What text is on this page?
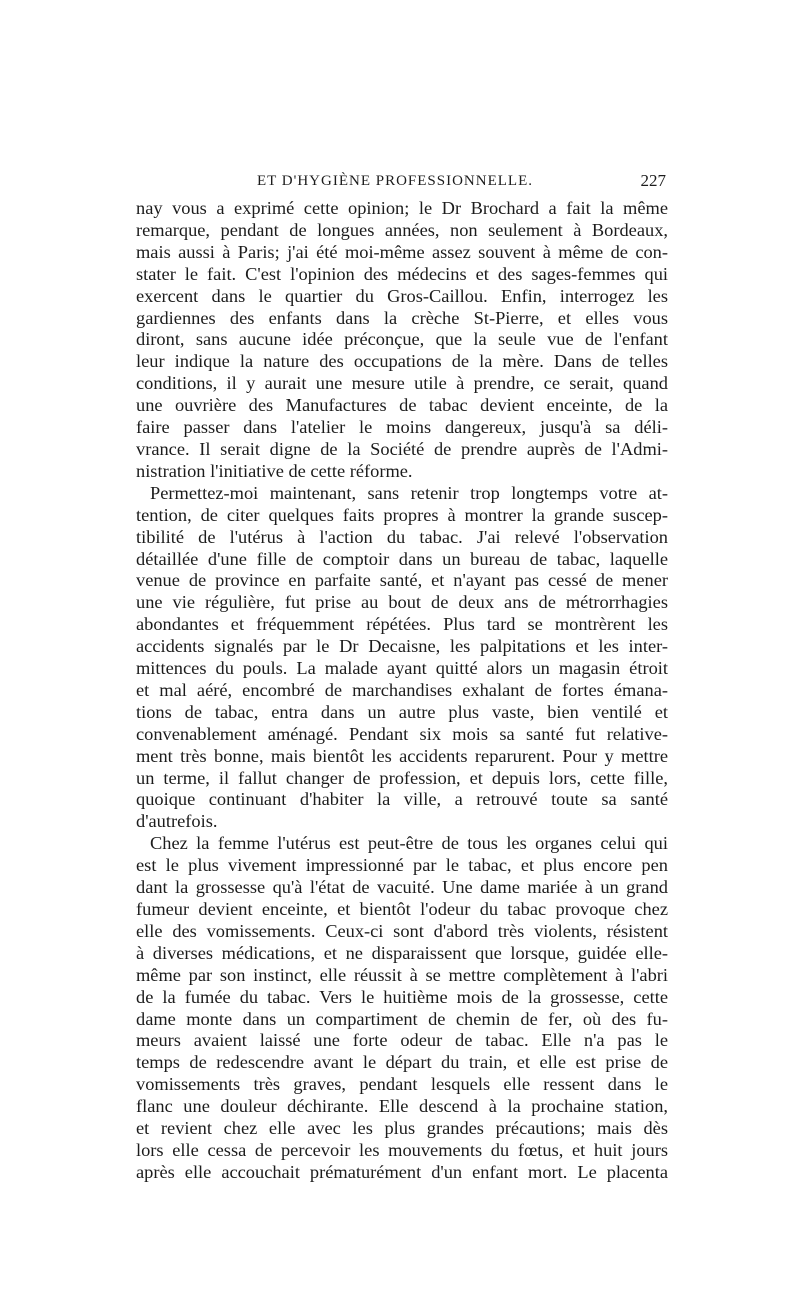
ET D'HYGIÈNE PROFESSIONNELLE.	227

nay vous a exprimé cette opinion; le Dr Brochard a fait la même
remarque, pendant de longues années, non seulement à Bordeaux,
mais aussi à Paris; j'ai été moi-même assez souvent à même de con-
stater le fait. C'est l'opinion des médecins et des sages-femmes qui
exercent dans le quartier du Gros-Caillou. Enfin, interrogez les
gardiennes des enfants dans la crèche St-Pierre, et elles vous
diront, sans aucune idée préconçue, que la seule vue de l'enfant
leur indique la nature des occupations de la mère. Dans de telles
conditions, il y aurait une mesure utile à prendre, ce serait, quand
une ouvrière des Manufactures de tabac devient enceinte, de la
faire passer dans l'atelier le moins dangereux, jusqu'à sa déli-
vrance. Il serait digne de la Société de prendre auprès de l'Admi-
nistration l'initiative de cette réforme.

Permettez-moi maintenant, sans retenir trop longtemps votre at-
tention, de citer quelques faits propres à montrer la grande suscep-
tibilité de l'utérus à l'action du tabac. J'ai relevé l'observation
détaillée d'une fille de comptoir dans un bureau de tabac, laquelle
venue de province en parfaite santé, et n'ayant pas cessé de mener
une vie régulière, fut prise au bout de deux ans de métrorrhagies
abondantes et fréquemment répétées. Plus tard se montrèrent les
accidents signalés par le Dr Decaisne, les palpitations et les inter-
mittences du pouls. La malade ayant quitté alors un magasin étroit
et mal aéré, encombré de marchandises exhalant de fortes émana-
tions de tabac, entra dans un autre plus vaste, bien ventilé et
convenablement aménagé. Pendant six mois sa santé fut relative-
ment très bonne, mais bientôt les accidents reparurent. Pour y mettre
un terme, il fallut changer de profession, et depuis lors, cette fille,
quoique continuant d'habiter la ville, a retrouvé toute sa santé
d'autrefois.

Chez la femme l'utérus est peut-être de tous les organes celui qui
est le plus vivement impressionné par le tabac, et plus encore pen
dant la grossesse qu'à l'état de vacuité. Une dame mariée à un grand
fumeur devient enceinte, et bientôt l'odeur du tabac provoque chez
elle des vomissements. Ceux-ci sont d'abord très violents, résistent
à diverses médications, et ne disparaissent que lorsque, guidée elle-
même par son instinct, elle réussit à se mettre complètement à l'abri
de la fumée du tabac. Vers le huitième mois de la grossesse, cette
dame monte dans un compartiment de chemin de fer, où des fu-
meurs avaient laissé une forte odeur de tabac. Elle n'a pas le
temps de redescendre avant le départ du train, et elle est prise de
vomissements très graves, pendant lesquels elle ressent dans le
flanc une douleur déchirante. Elle descend à la prochaine station,
et revient chez elle avec les plus grandes précautions; mais dès
lors elle cessa de percevoir les mouvements du fœtus, et huit jours
après elle accouchait prématurément d'un enfant mort. Le placenta
